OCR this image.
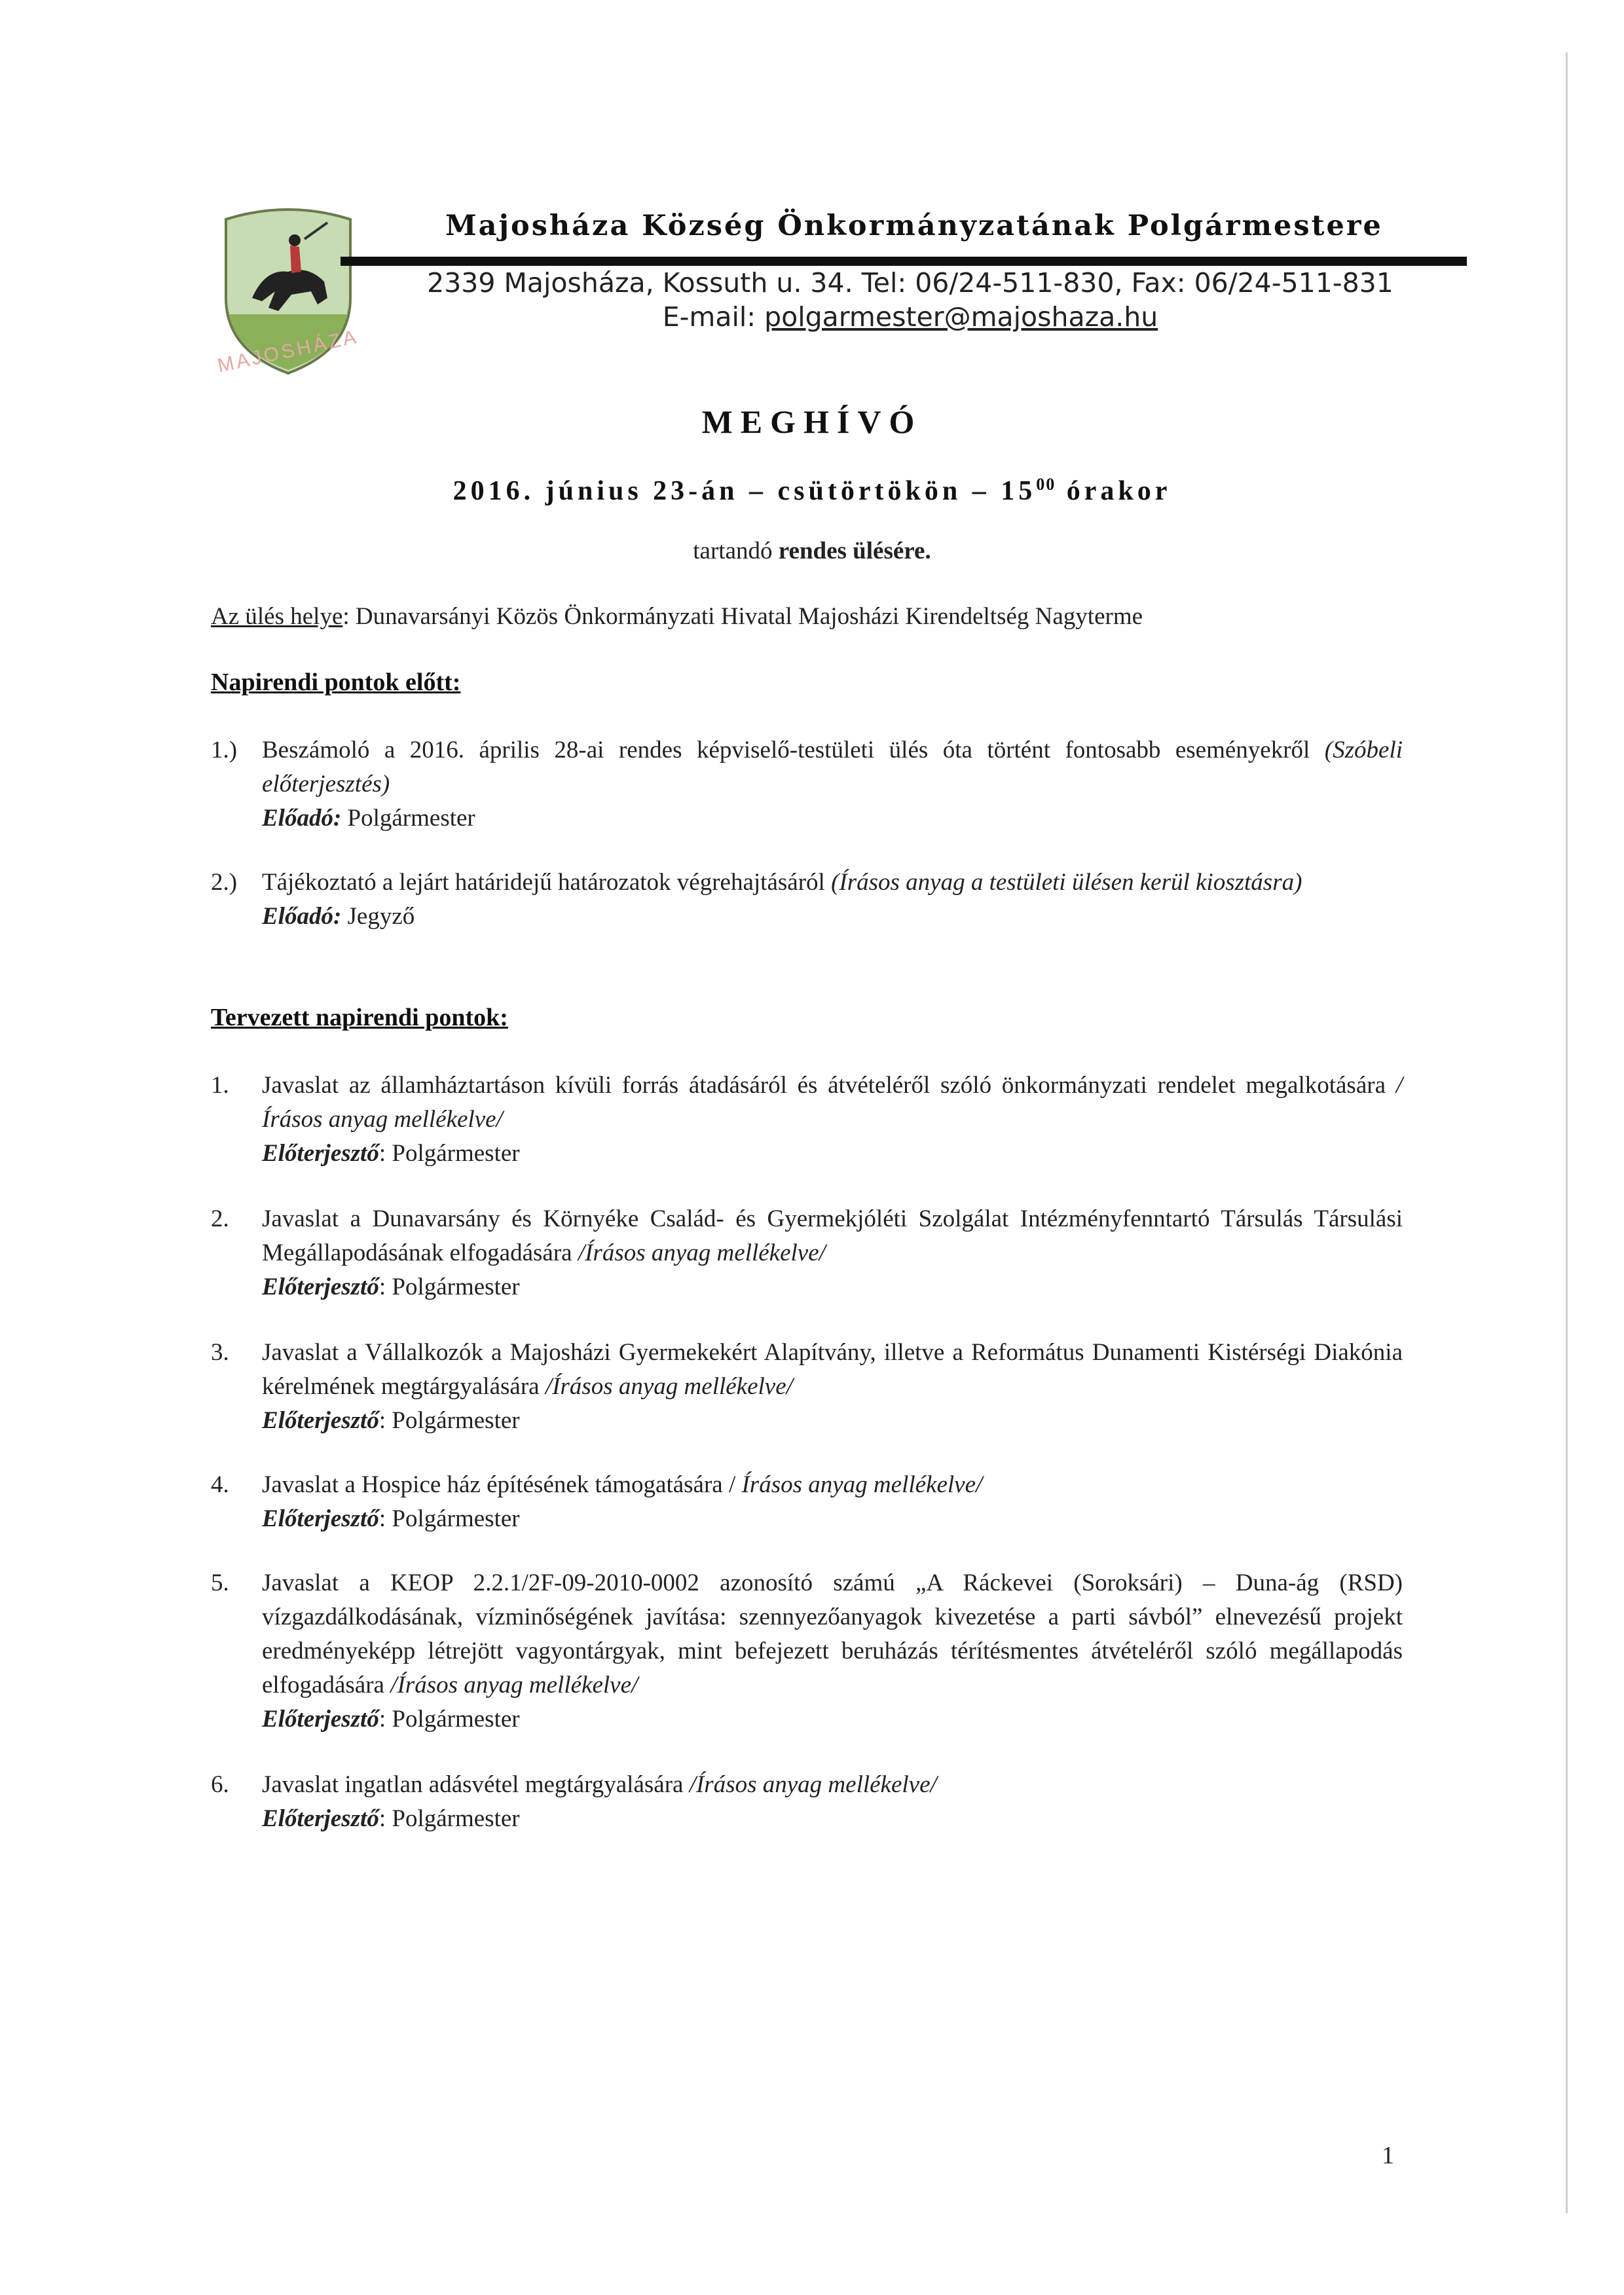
MAJOSHÁZA
Majosháza Község Önkormányzatának Polgármestere
2339 Majosháza, Kossuth u. 34. Tel: 06/24-511-830, Fax: 06/24-511-831
E-mail: polgarmester@majoshaza.hu
MEGHÍVÓ
2016. június 23-án – csütörtökön – $15^{00}$ órakor
tartandó rendes ülésére.
Az ülés helye: Dunavarsányi Közös Önkormányzati Hivatal Majosházi Kirendeltség Nagyterme
Napirendi pontok előtt:
1.) Beszámoló a 2016. április 28-ai rendes képviselő-testületi ülés óta történt fontosabb eseményekről (Szóbeli előterjesztés)
Előadó: Polgármester
2.) Tájékoztató a lejárt határidejű határozatok végrehajtásáról (Írásos anyag a testületi ülésen kerül kiosztásra)
Előadó: Jegyző
Tervezett napirendi pontok:
1. Javaslat az államháztartáson kívüli forrás átadásáról és átvételéről szóló önkormányzati rendelet megalkotására /Írásos anyag mellékelve/
Előterjesztő: Polgármester
2. Javaslat a Dunavarsány és Környéke Család- és Gyermekjóléti Szolgálat Intézményfenntartó Társulás Társulási Megállapodásának elfogadására /Írásos anyag mellékelve/
Előterjesztő: Polgármester
3. Javaslat a Vállalkozók a Majosházi Gyermekekért Alapítvány, illetve a Református Dunamenti Kistérségi Diakónia kérelmének megtárgyalására /Írásos anyag mellékelve/
Előterjesztő: Polgármester
4. Javaslat a Hospice ház építésének támogatására / Írásos anyag mellékelve/
Előterjesztő: Polgármester
5. Javaslat a KEOP 2.2.1/2F-09-2010-0002 azonosító számú „A Ráckevei (Soroksári) – Duna-ág (RSD) vízgazdálkodásának, vízminőségének javítása: szennyezőanyagok kivezetése a parti sávból” elnevezésű projekt eredményeképp létrejött vagyontárgyak, mint befejezett beruházás térítésmentes átvételéről szóló megállapodás elfogadására /Írásos anyag mellékelve/
Előterjesztő: Polgármester
6. Javaslat ingatlan adásvétel megtárgyalására /Írásos anyag mellékelve/
Előterjesztő: Polgármester
1
